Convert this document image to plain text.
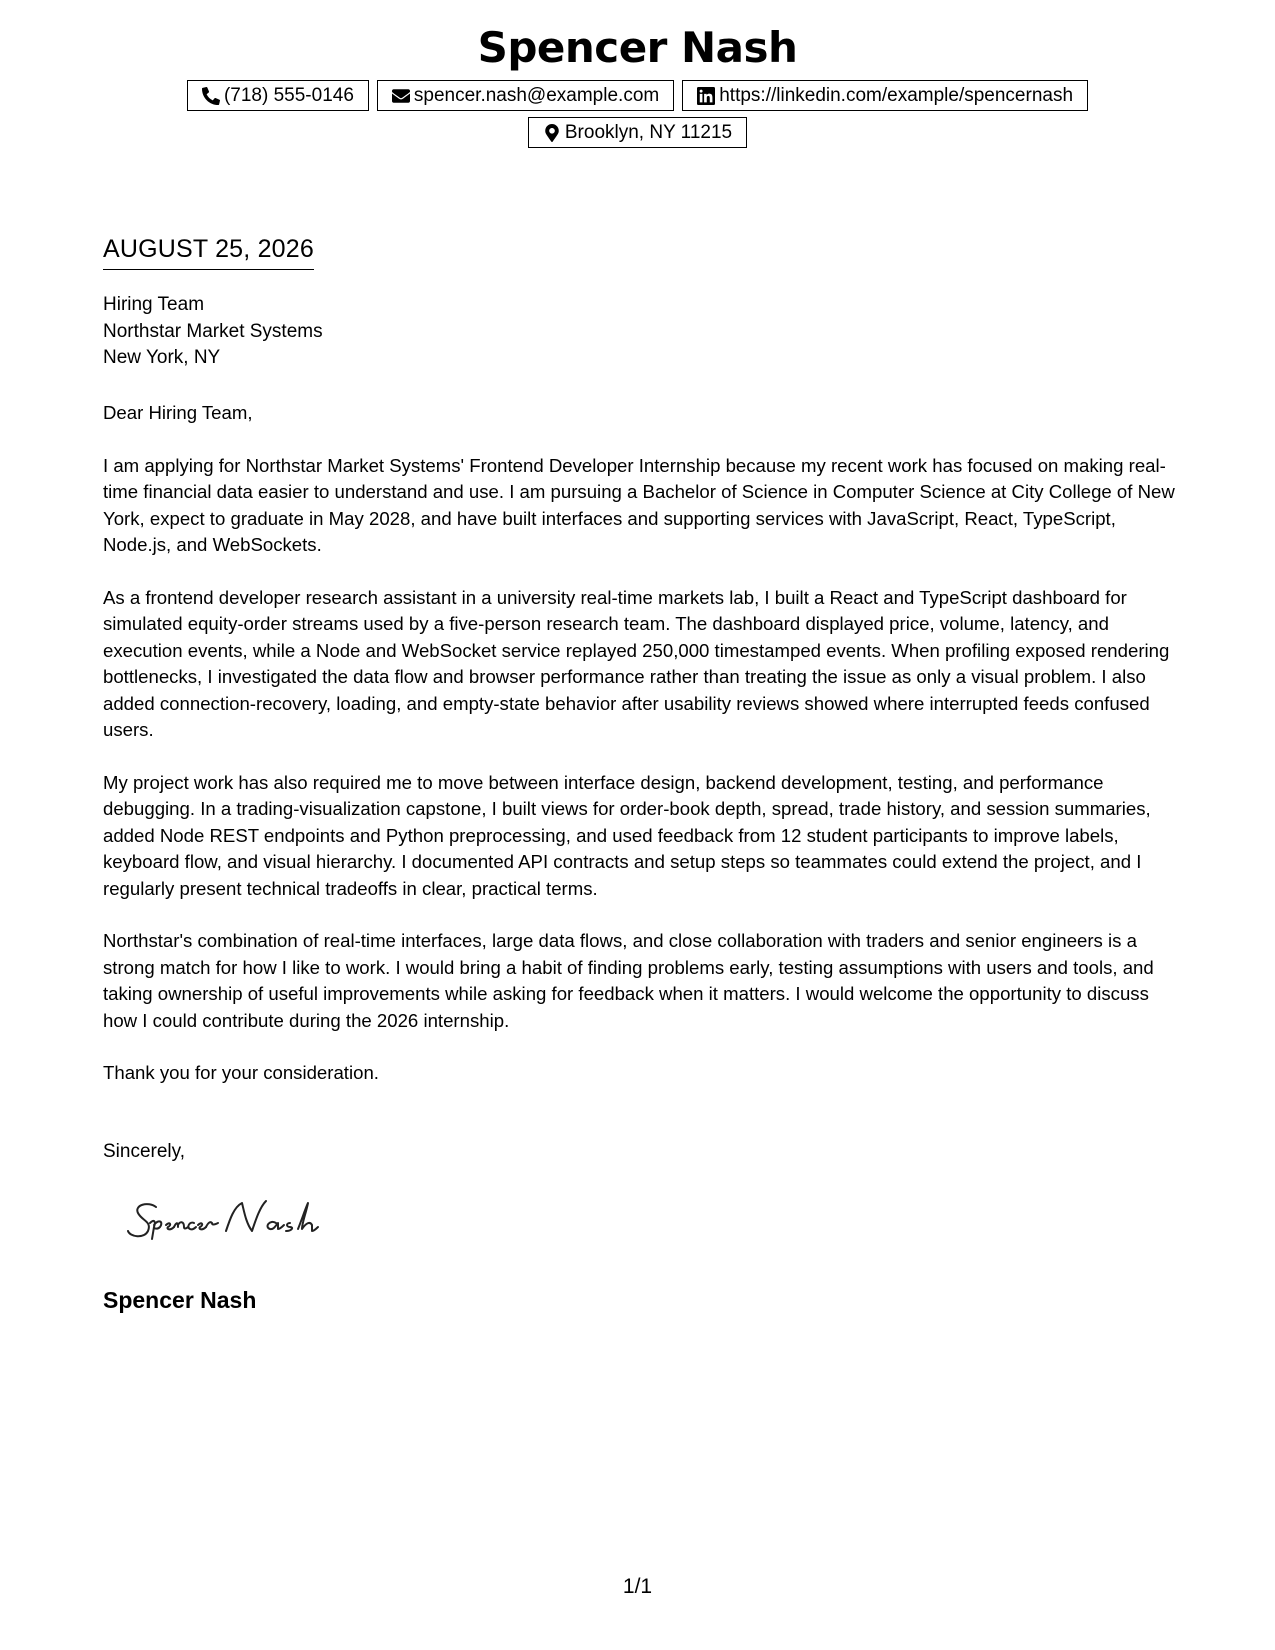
Spencer Nash
(718) 555-0146	spencer.nash@example.com	https://linkedin.com/example/spencernash
Brooklyn, NY 11215
AUGUST 25, 2026
Hiring Team
Northstar Market Systems
New York, NY

Dear Hiring Team,

I am applying for Northstar Market Systems' Frontend Developer Internship because my recent work has focused on making real-time financial data easier to understand and use. I am pursuing a Bachelor of Science in Computer Science at City College of New York, expect to graduate in May 2028, and have built interfaces and supporting services with JavaScript, React, TypeScript, Node.js, and WebSockets.

As a frontend developer research assistant in a university real-time markets lab, I built a React and TypeScript dashboard for simulated equity-order streams used by a five-person research team. The dashboard displayed price, volume, latency, and execution events, while a Node and WebSocket service replayed 250,000 timestamped events. When profiling exposed rendering bottlenecks, I investigated the data flow and browser performance rather than treating the issue as only a visual problem. I also added connection-recovery, loading, and empty-state behavior after usability reviews showed where interrupted feeds confused users.

My project work has also required me to move between interface design, backend development, testing, and performance debugging. In a trading-visualization capstone, I built views for order-book depth, spread, trade history, and session summaries, added Node REST endpoints and Python preprocessing, and used feedback from 12 student participants to improve labels, keyboard flow, and visual hierarchy. I documented API contracts and setup steps so teammates could extend the project, and I regularly present technical tradeoffs in clear, practical terms.

Northstar's combination of real-time interfaces, large data flows, and close collaboration with traders and senior engineers is a strong match for how I like to work. I would bring a habit of finding problems early, testing assumptions with users and tools, and taking ownership of useful improvements while asking for feedback when it matters. I would welcome the opportunity to discuss how I could contribute during the 2026 internship.

Thank you for your consideration.

Sincerely,
Spencer Nash
1/1
